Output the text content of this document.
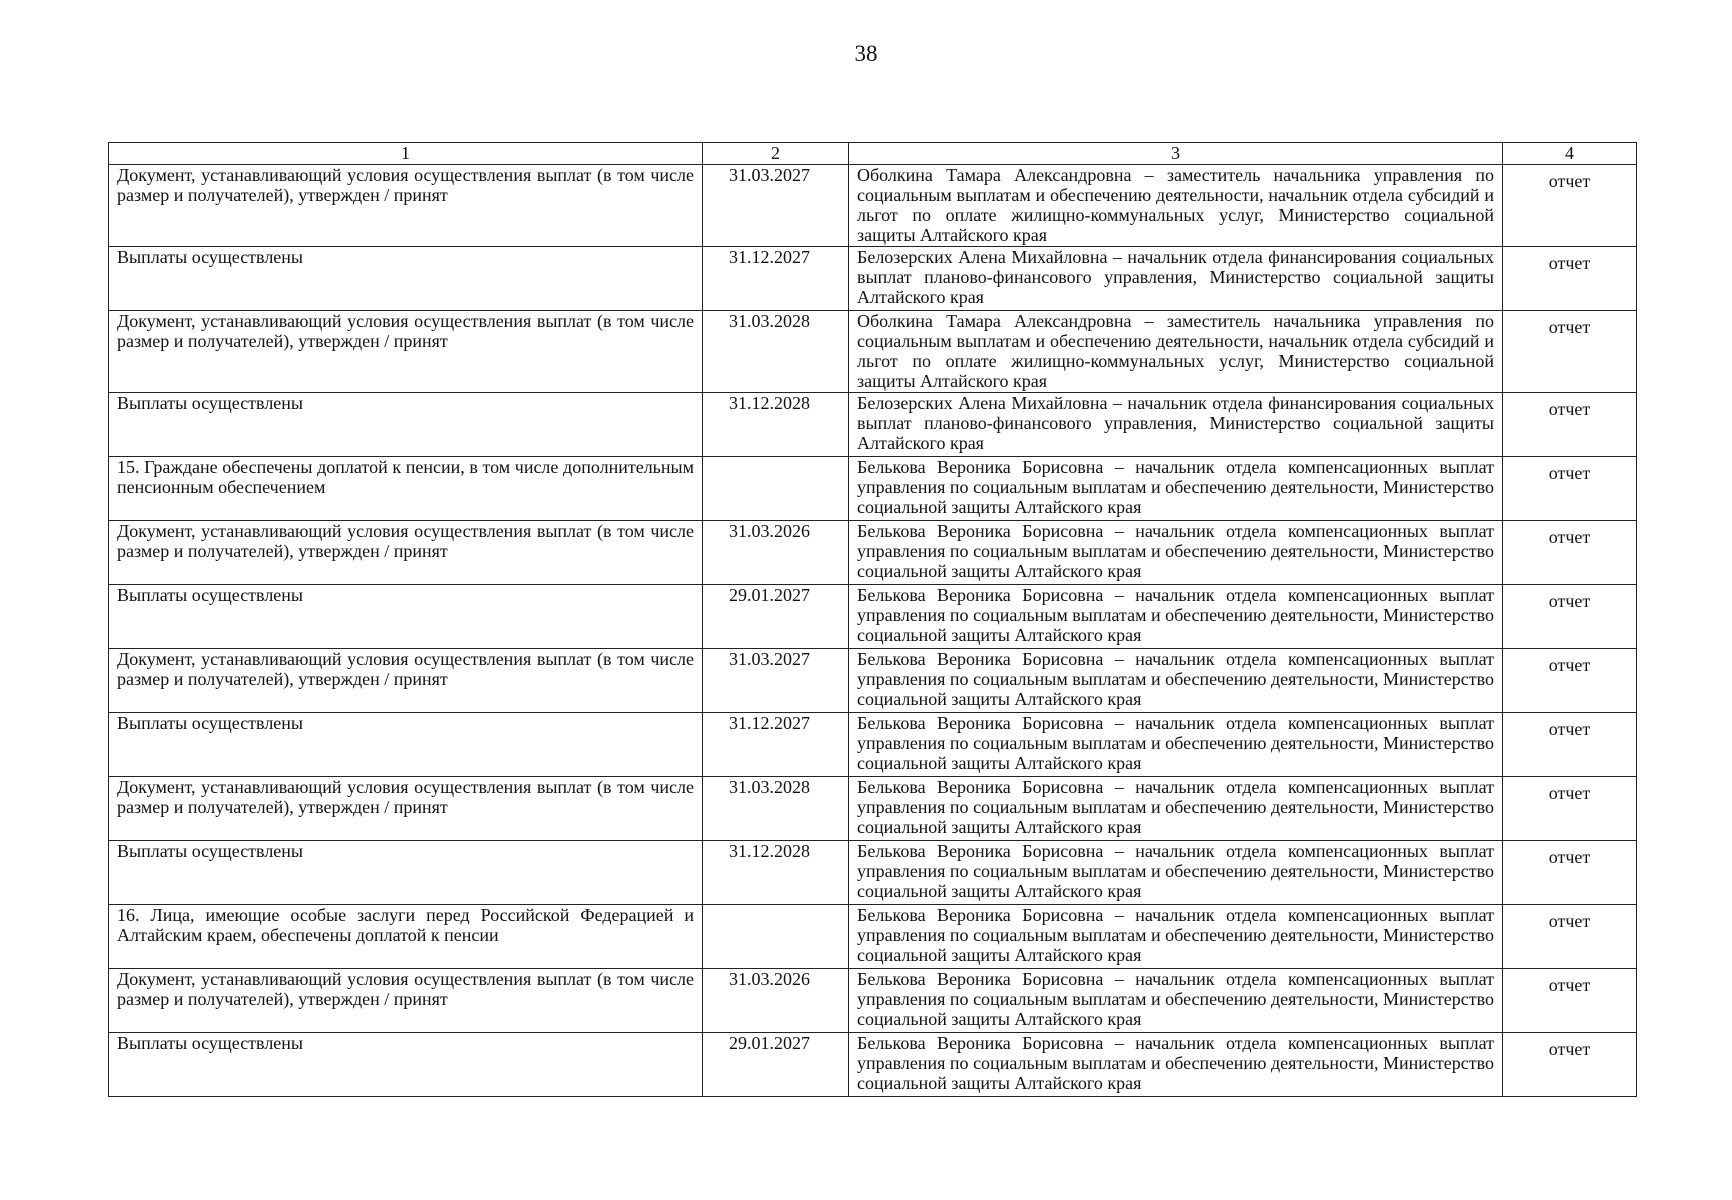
38
1	2	3	4
Документ, устанавливающий условия осуществления выплат (в том числе размер и получателей), утвержден / принят	31.03.2027	Оболкина Тамара Александровна – заместитель начальника управления по социальным выплатам и обеспечению деятельности, начальник отдела субсидий и льгот по оплате жилищно-коммунальных услуг, Министерство социальной защиты Алтайского края	отчет
Выплаты осуществлены	31.12.2027	Белозерских Алена Михайловна – начальник отдела финансирования социальных выплат планово-финансового управления, Министерство социальной защиты Алтайского края	отчет
Документ, устанавливающий условия осуществления выплат (в том числе размер и получателей), утвержден / принят	31.03.2028	Оболкина Тамара Александровна – заместитель начальника управления по социальным выплатам и обеспечению деятельности, начальник отдела субсидий и льгот по оплате жилищно-коммунальных услуг, Министерство социальной защиты Алтайского края	отчет
Выплаты осуществлены	31.12.2028	Белозерских Алена Михайловна – начальник отдела финансирования социальных выплат планово-финансового управления, Министерство социальной защиты Алтайского края	отчет
15. Граждане обеспечены доплатой к пенсии, в том числе дополнительным пенсионным обеспечением		Белькова Вероника Борисовна – начальник отдела компенсационных выплат управления по социальным выплатам и обеспечению деятельности, Министерство социальной защиты Алтайского края	отчет
Документ, устанавливающий условия осуществления выплат (в том числе размер и получателей), утвержден / принят	31.03.2026	Белькова Вероника Борисовна – начальник отдела компенсационных выплат управления по социальным выплатам и обеспечению деятельности, Министерство социальной защиты Алтайского края	отчет
Выплаты осуществлены	29.01.2027	Белькова Вероника Борисовна – начальник отдела компенсационных выплат управления по социальным выплатам и обеспечению деятельности, Министерство социальной защиты Алтайского края	отчет
Документ, устанавливающий условия осуществления выплат (в том числе размер и получателей), утвержден / принят	31.03.2027	Белькова Вероника Борисовна – начальник отдела компенсационных выплат управления по социальным выплатам и обеспечению деятельности, Министерство социальной защиты Алтайского края	отчет
Выплаты осуществлены	31.12.2027	Белькова Вероника Борисовна – начальник отдела компенсационных выплат управления по социальным выплатам и обеспечению деятельности, Министерство социальной защиты Алтайского края	отчет
Документ, устанавливающий условия осуществления выплат (в том числе размер и получателей), утвержден / принят	31.03.2028	Белькова Вероника Борисовна – начальник отдела компенсационных выплат управления по социальным выплатам и обеспечению деятельности, Министерство социальной защиты Алтайского края	отчет
Выплаты осуществлены	31.12.2028	Белькова Вероника Борисовна – начальник отдела компенсационных выплат управления по социальным выплатам и обеспечению деятельности, Министерство социальной защиты Алтайского края	отчет
16. Лица, имеющие особые заслуги перед Российской Федерацией и Алтайским краем, обеспечены доплатой к пенсии		Белькова Вероника Борисовна – начальник отдела компенсационных выплат управления по социальным выплатам и обеспечению деятельности, Министерство социальной защиты Алтайского края	отчет
Документ, устанавливающий условия осуществления выплат (в том числе размер и получателей), утвержден / принят	31.03.2026	Белькова Вероника Борисовна – начальник отдела компенсационных выплат управления по социальным выплатам и обеспечению деятельности, Министерство социальной защиты Алтайского края	отчет
Выплаты осуществлены	29.01.2027	Белькова Вероника Борисовна – начальник отдела компенсационных выплат управления по социальным выплатам и обеспечению деятельности, Министерство социальной защиты Алтайского края	отчет
